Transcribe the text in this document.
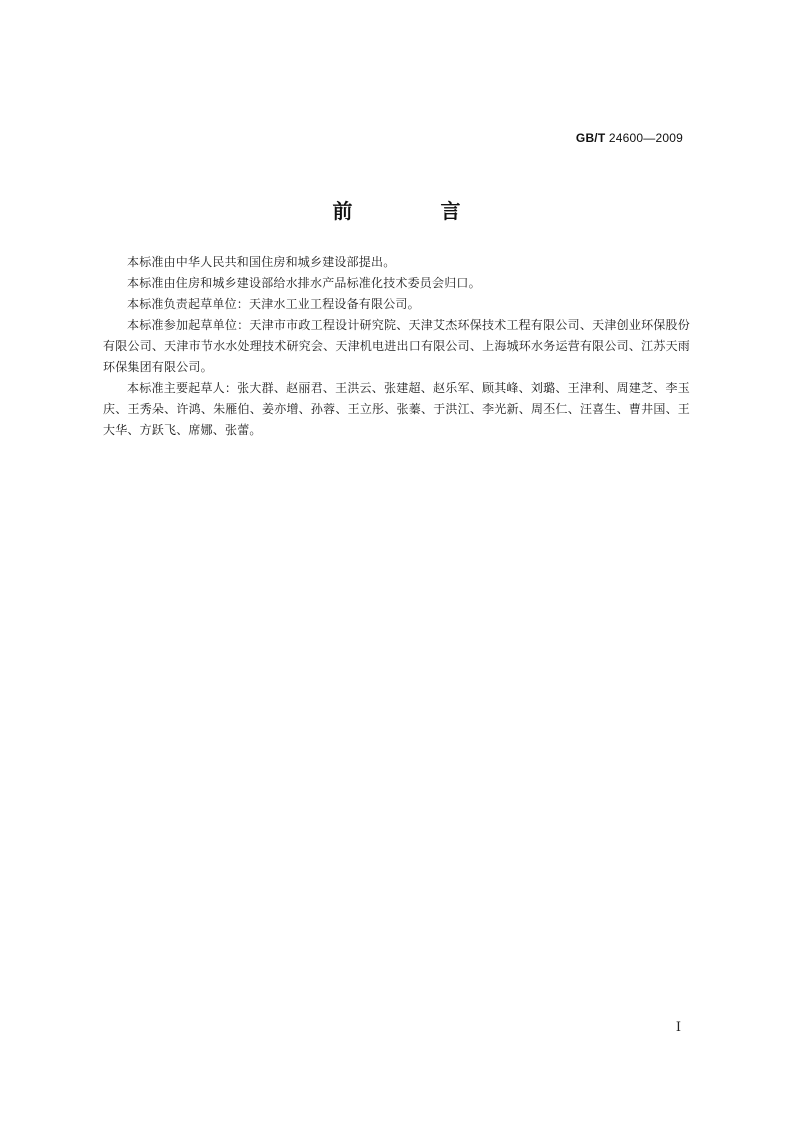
GB/T 24600—2009
前　言

本标准由中华人民共和国住房和城乡建设部提出。

本标准由住房和城乡建设部给水排水产品标准化技术委员会归口。

本标准负责起草单位：天津水工业工程设备有限公司。

本标准参加起草单位：天津市市政工程设计研究院、天津艾杰环保技术工程有限公司、天津创业环保股份有限公司、天津市节水水处理技术研究会、天津机电进出口有限公司、上海城环水务运营有限公司、江苏天雨环保集团有限公司。

本标准主要起草人：张大群、赵丽君、王洪云、张建超、赵乐军、顾其峰、刘璐、王津利、周建芝、李玉庆、王秀朵、许鸿、朱雁伯、姜亦增、孙蓉、王立彤、张蓁、于洪江、李光新、周丕仁、汪喜生、曹井国、王大华、方跃飞、席娜、张蕾。

I
